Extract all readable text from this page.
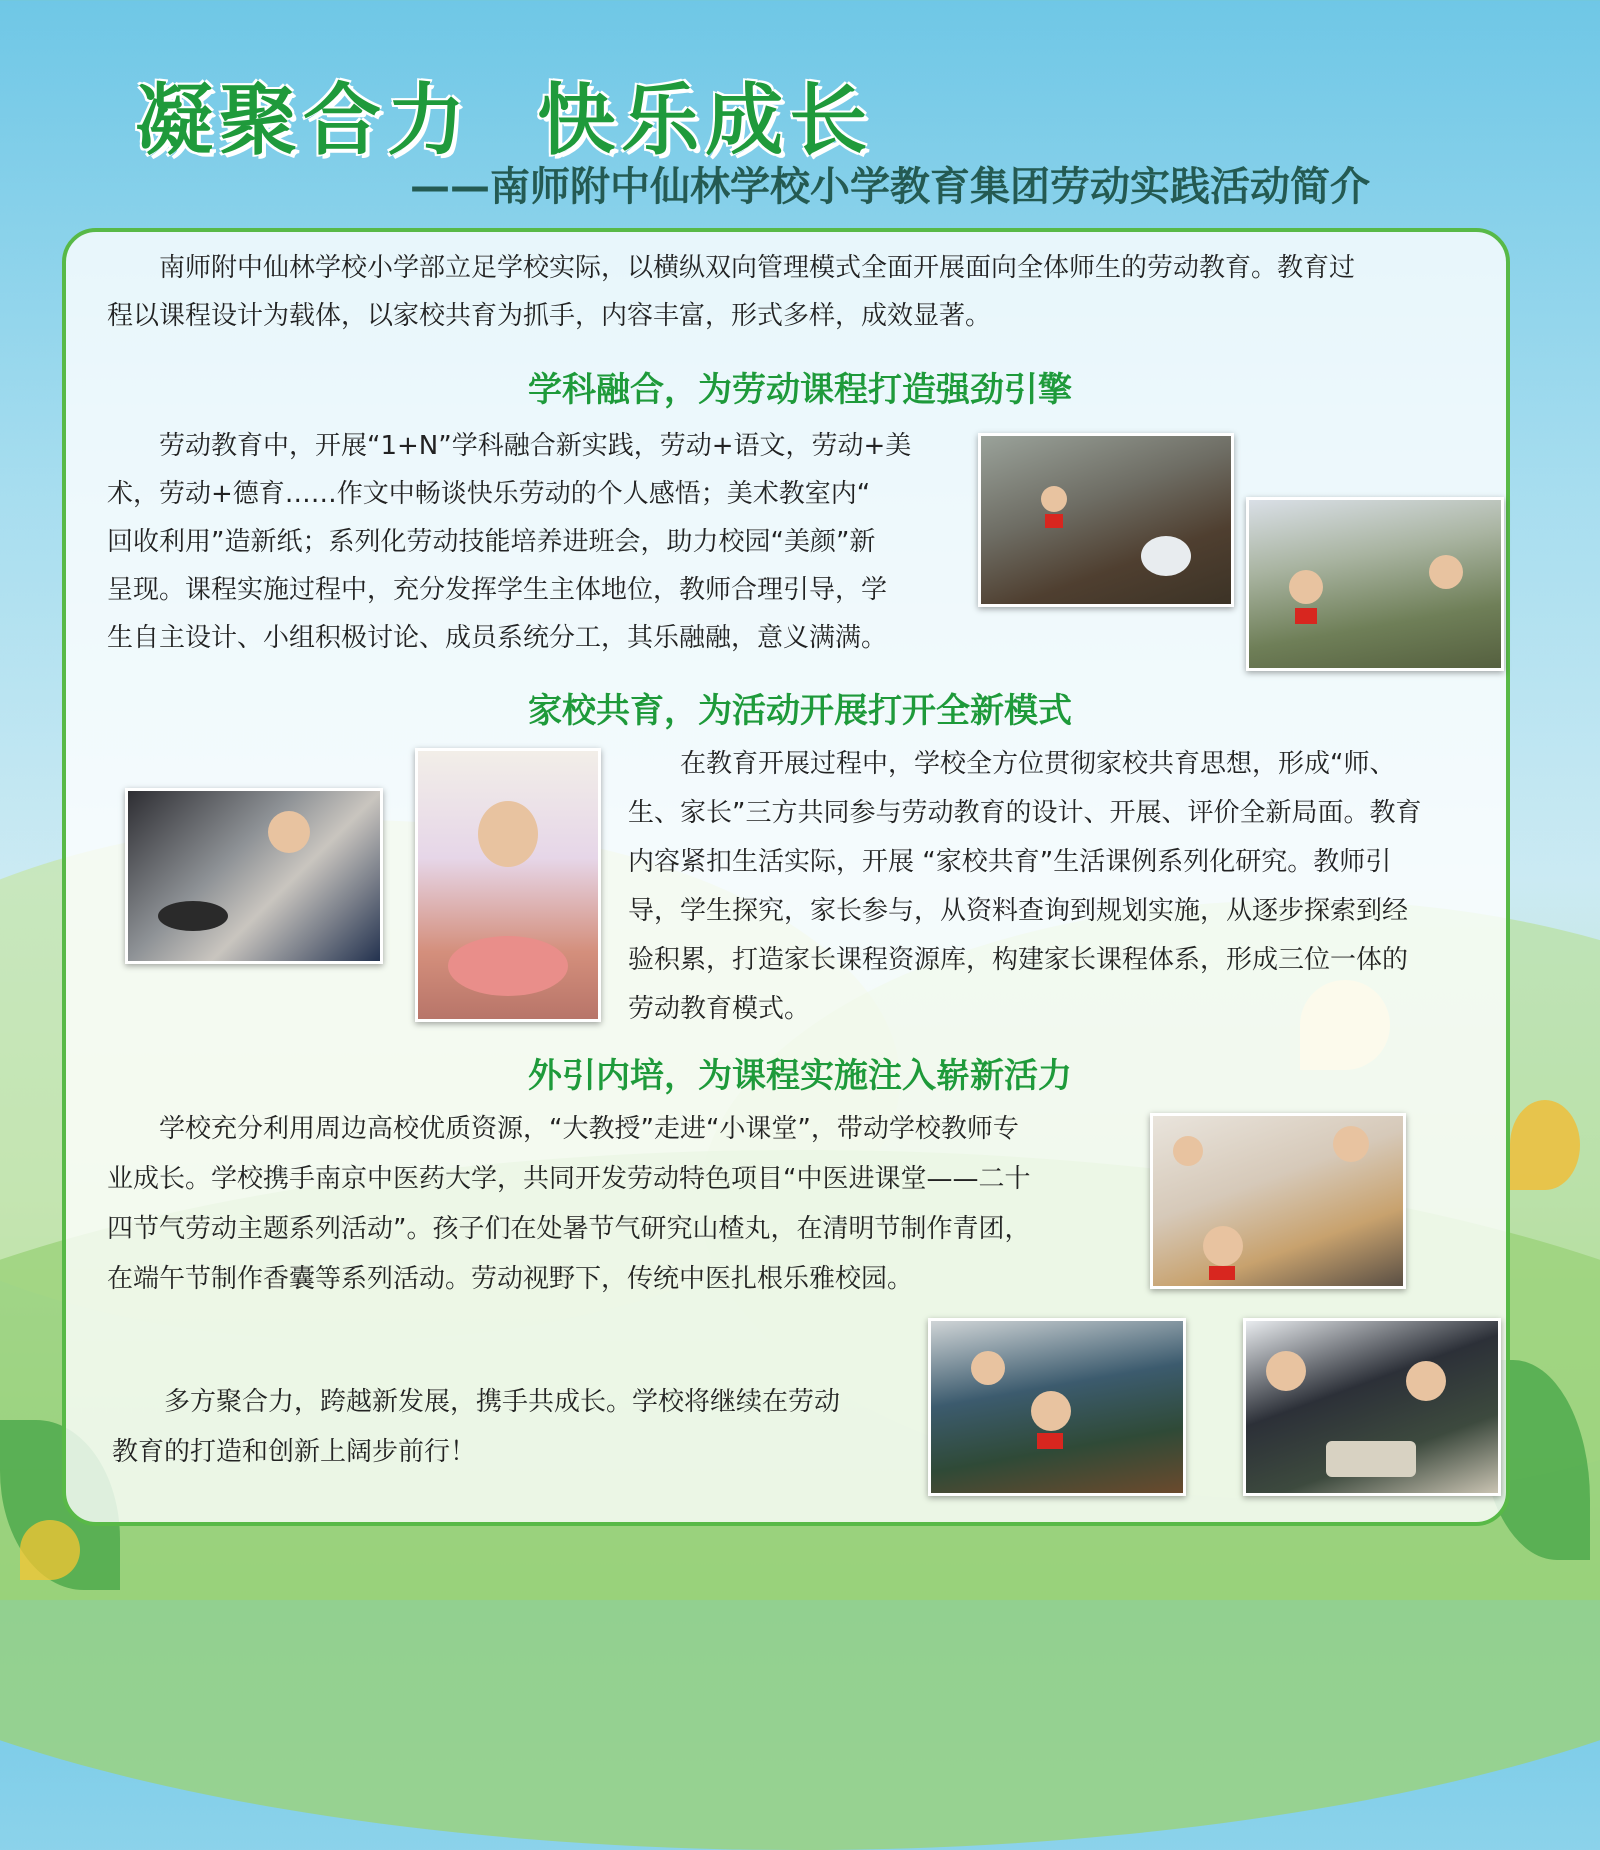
凝聚合力  快乐成长
——南师附中仙林学校小学教育集团劳动实践活动简介
　　南师附中仙林学校小学部立足学校实际，以横纵双向管理模式全面开展面向全体师生的劳动教育。教育过
程以课程设计为载体，以家校共育为抓手，内容丰富，形式多样，成效显著。
学科融合，为劳动课程打造强劲引擎
　　劳动教育中，开展“1+N”学科融合新实践，劳动+语文，劳动+美
术，劳动+德育……作文中畅谈快乐劳动的个人感悟；美术教室内“
回收利用”造新纸；系列化劳动技能培养进班会，助力校园“美颜”新
呈现。课程实施过程中，充分发挥学生主体地位，教师合理引导，学
生自主设计、小组积极讨论、成员系统分工，其乐融融，意义满满。
家校共育，为活动开展打开全新模式
　　在教育开展过程中，学校全方位贯彻家校共育思想，形成“师、
生、家长”三方共同参与劳动教育的设计、开展、评价全新局面。教育
内容紧扣生活实际，开展 “家校共育”生活课例系列化研究。教师引
导，学生探究，家长参与，从资料查询到规划实施，从逐步探索到经
验积累，打造家长课程资源库，构建家长课程体系，形成三位一体的
劳动教育模式。
外引内培，为课程实施注入崭新活力
　　学校充分利用周边高校优质资源，“大教授”走进“小课堂”，带动学校教师专
业成长。学校携手南京中医药大学，共同开发劳动特色项目“中医进课堂——二十
四节气劳动主题系列活动”。孩子们在处暑节气研究山楂丸，在清明节制作青团，
在端午节制作香囊等系列活动。劳动视野下，传统中医扎根乐雅校园。
　　多方聚合力，跨越新发展，携手共成长。学校将继续在劳动
教育的打造和创新上阔步前行！
